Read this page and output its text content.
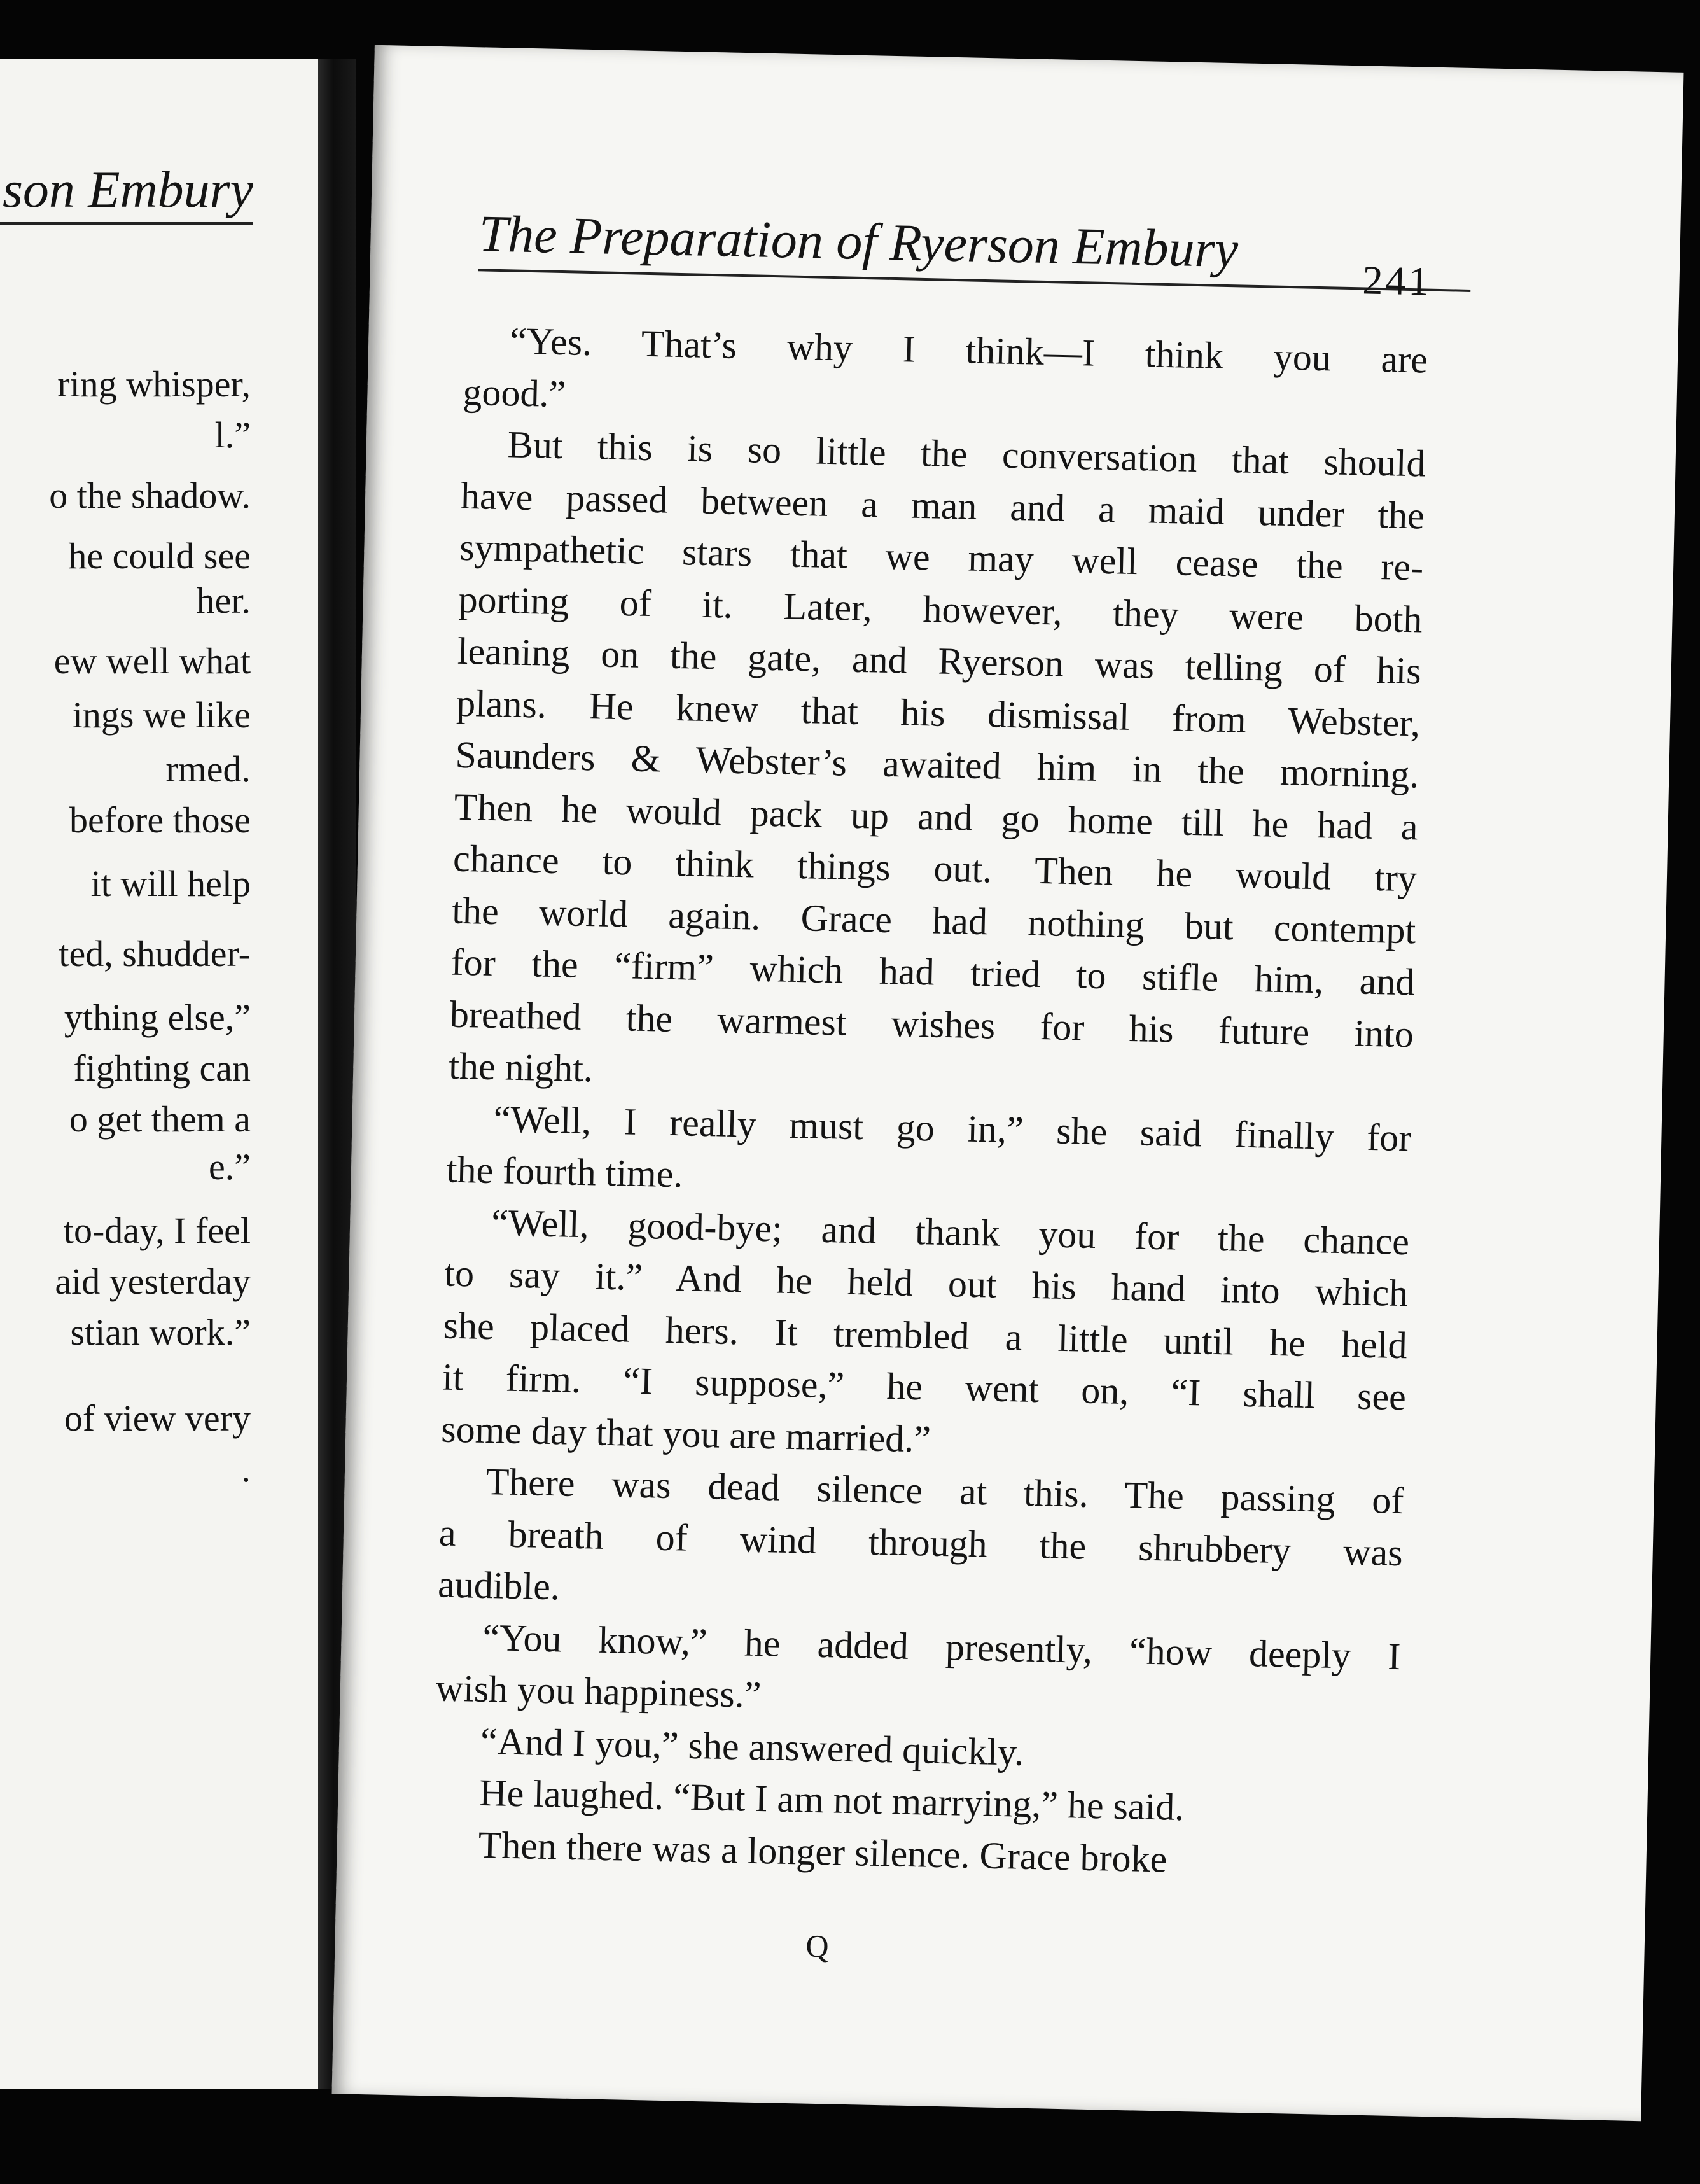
son Embury
ring whisper,
l.”
o the shadow.
he could see
her.
ew well what
ings we like
rmed.
before those
it will help
ted, shudder-
ything else,”
fighting can
o get them a
e.”
to-day, I feel
aid yesterday
stian work.”
of view very
.
The Preparation of Ryerson Embury
241

“Yes. That’s why I think—I think you are
good.”

But this is so little the conversation that should
have passed between a man and a maid under the
sympathetic stars that we may well cease the re-
porting of it. Later, however, they were both
leaning on the gate, and Ryerson was telling of his
plans. He knew that his dismissal from Webster,
Saunders & Webster’s awaited him in the morning.
Then he would pack up and go home till he had a
chance to think things out. Then he would try
the world again. Grace had nothing but contempt
for the “firm” which had tried to stifle him, and
breathed the warmest wishes for his future into
the night.

“Well, I really must go in,” she said finally for
the fourth time.

“Well, good-bye; and thank you for the chance
to say it.” And he held out his hand into which
she placed hers. It trembled a little until he held
it firm. “I suppose,” he went on, “I shall see
some day that you are married.”

There was dead silence at this. The passing of
a breath of wind through the shrubbery was
audible.

“You know,” he added presently, “how deeply I
wish you happiness.”

“And I you,” she answered quickly.

He laughed. “But I am not marrying,” he said.

Then there was a longer silence. Grace broke

Q
